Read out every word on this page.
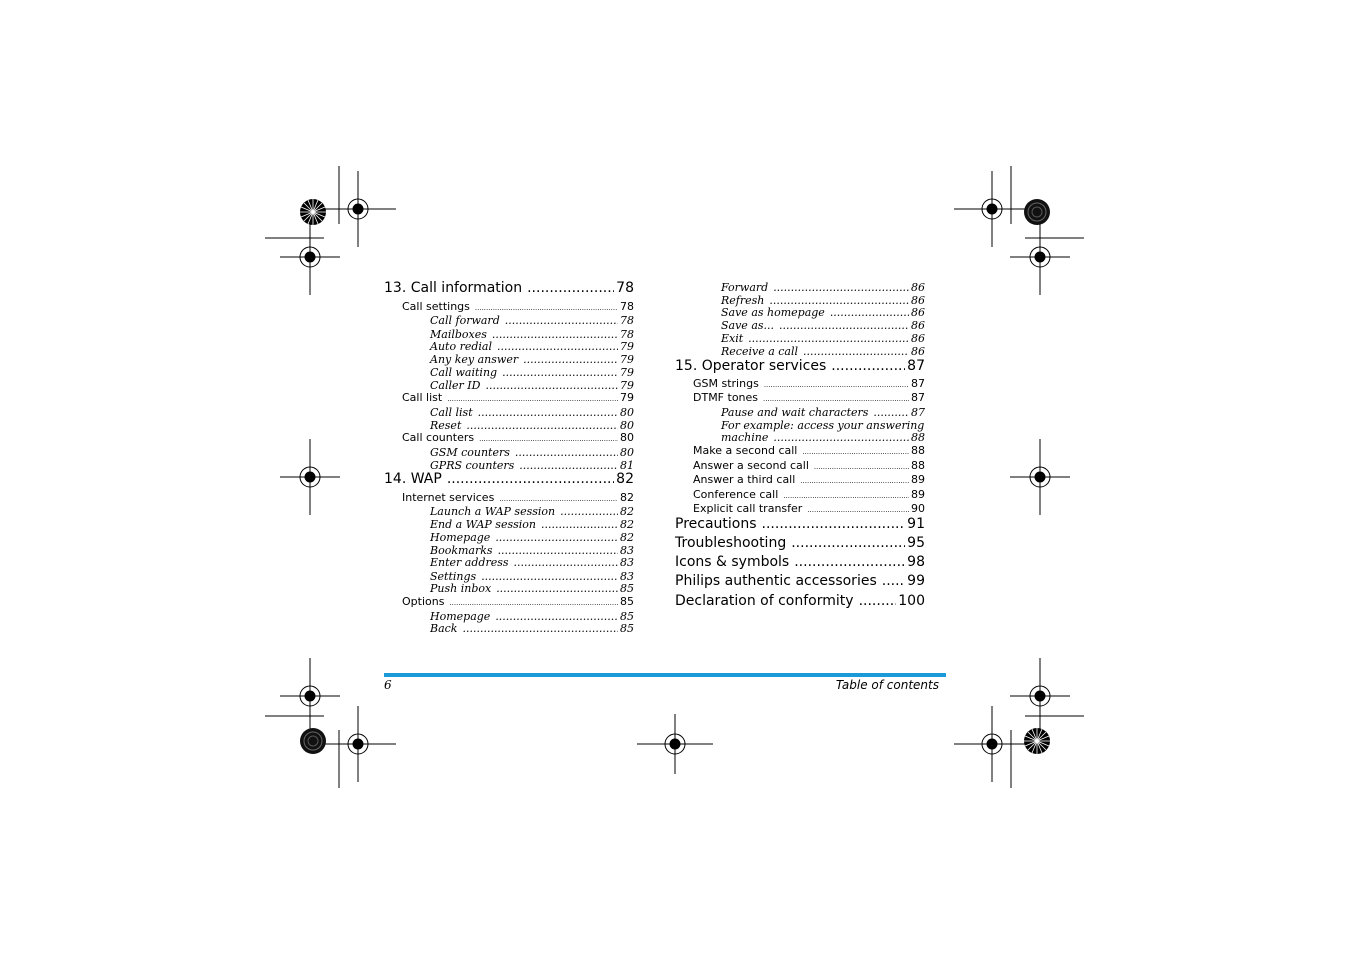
13. Call information .....	78
Call settings .....	78
Call forward .....	78
Mailboxes .....	78
Auto redial .....	79
Any key answer .....	79
Call waiting .....	79
Caller ID .....	79
Call list .....	79
Call list .....	80
Reset .....	80
Call counters .....	80
GSM counters .....	80
GPRS counters .....	81
14. WAP .....	82
Internet services .....	82
Launch a WAP session .....	82
End a WAP session .....	82
Homepage .....	82
Bookmarks .....	83
Enter address .....	83
Settings .....	83
Push inbox .....	85
Options .....	85
Homepage .....	85
Back .....	85
Forward .....	86
Refresh .....	86
Save as homepage .....	86
Save as... .....	86
Exit .....	86
Receive a call .....	86
15. Operator services .....	87
GSM strings .....	87
DTMF tones .....	87
Pause and wait characters .....	87
For example: access your answering
machine .....	88
Make a second call .....	88
Answer a second call .....	88
Answer a third call .....	89
Conference call .....	89
Explicit call transfer .....	90
Precautions .....	91
Troubleshooting .....	95
Icons & symbols .....	98
Philips authentic accessories ..... 99
Declaration of conformity .....	100
6	Table of contents
